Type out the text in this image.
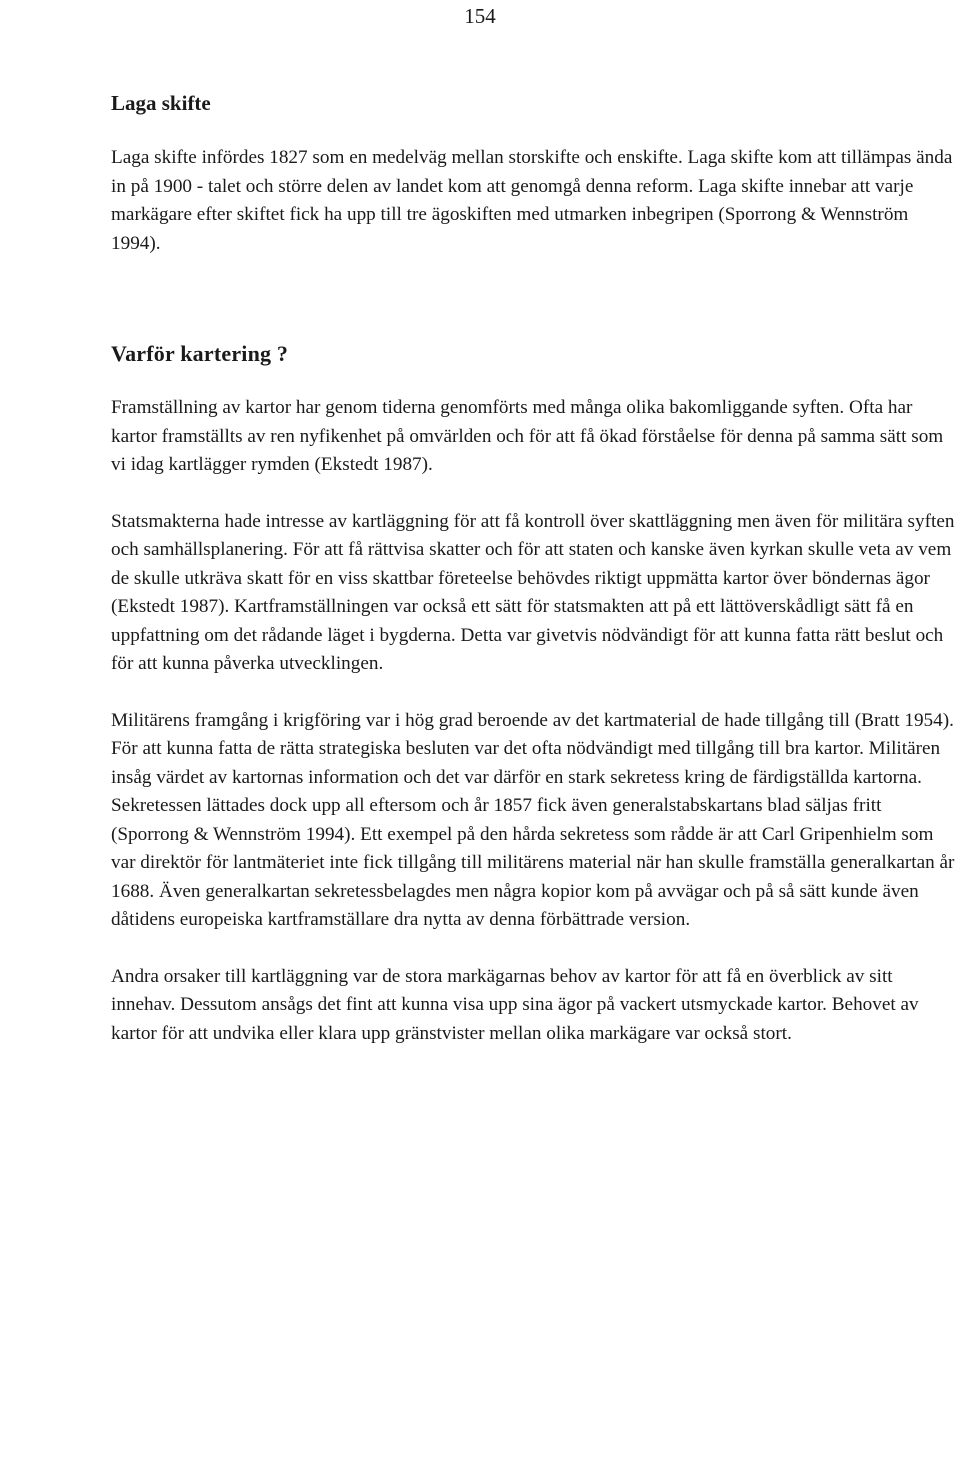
154
Laga skifte

Laga skifte infördes 1827 som en medelväg mellan storskifte och enskifte. Laga skifte kom att tillämpas ända in på 1900 - talet och större delen av landet kom att genomgå denna reform. Laga skifte innebar att varje markägare efter skiftet fick ha upp till tre ägoskiften med utmarken inbegripen (Sporrong & Wennström 1994).

Varför kartering ?

Framställning av kartor har genom tiderna genomförts med många olika bakomliggande syften. Ofta har kartor framställts av ren nyfikenhet på omvärlden och för att få ökad förståelse för denna på samma sätt som vi idag kartlägger rymden (Ekstedt 1987).

Statsmakterna hade intresse av kartläggning för att få kontroll över skattläggning men även för militära syften och samhällsplanering. För att få rättvisa skatter och för att staten och kanske även kyrkan skulle veta av vem de skulle utkräva skatt för en viss skattbar företeelse behövdes riktigt uppmätta kartor över böndernas ägor (Ekstedt 1987). Kartframställningen var också ett sätt för statsmakten att på ett lättöverskådligt sätt få en uppfattning om det rådande läget i bygderna. Detta var givetvis nödvändigt för att kunna fatta rätt beslut och för att kunna påverka utvecklingen.

Militärens framgång i krigföring var i hög grad beroende av det kartmaterial de hade tillgång till (Bratt 1954). För att kunna fatta de rätta strategiska besluten var det ofta nödvändigt med tillgång till bra kartor. Militären insåg värdet av kartornas information och det var därför en stark sekretess kring de färdigställda kartorna. Sekretessen lättades dock upp all eftersom och år 1857 fick även generalstabskartans blad säljas fritt (Sporrong & Wennström 1994). Ett exempel på den hårda sekretess som rådde är att Carl Gripenhielm som var direktör för lantmäteriet inte fick tillgång till militärens material när han skulle framställa generalkartan år 1688. Även generalkartan sekretessbelagdes men några kopior kom på avvägar och på så sätt kunde även dåtidens europeiska kartframställare dra nytta av denna förbättrade version.

Andra orsaker till kartläggning var de stora markägarnas behov av kartor för att få en överblick av sitt innehav. Dessutom ansågs det fint att kunna visa upp sina ägor på vackert utsmyckade kartor. Behovet av kartor för att undvika eller klara upp gränstvister mellan olika markägare var också stort.
